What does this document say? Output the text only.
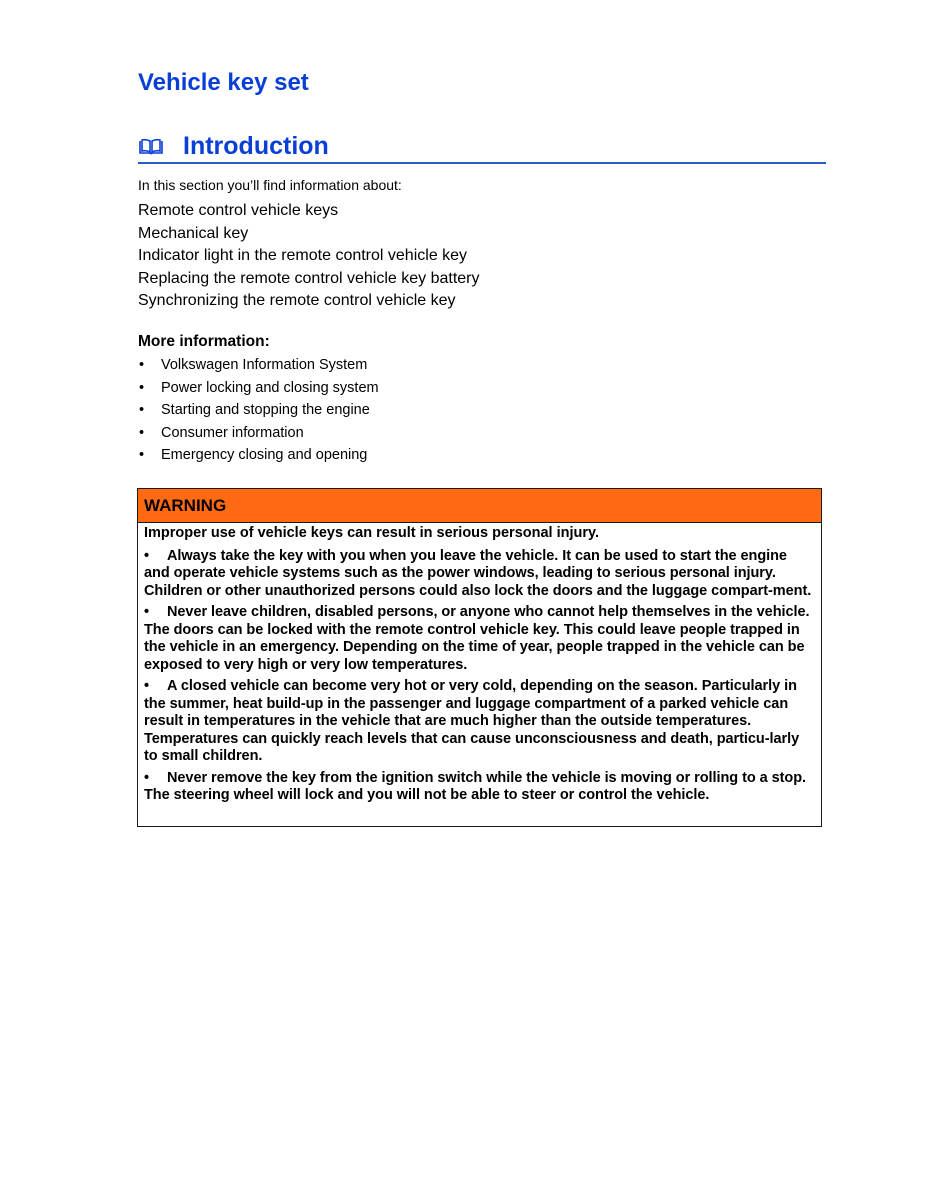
Vehicle key set
Introduction

In this section you’ll find information about:

Remote control vehicle keys
Mechanical key
Indicator light in the remote control vehicle key
Replacing the remote control vehicle key battery
Synchronizing the remote control vehicle key
More information:
• Volkswagen Information System
• Power locking and closing system
• Starting and stopping the engine
• Consumer information
• Emergency closing and opening
WARNING

Improper use of vehicle keys can result in serious personal injury.

• Always take the key with you when you leave the vehicle. It can be used to start the engine and operate vehicle systems such as the power windows, leading to serious personal injury. Children or other unauthorized persons could also lock the doors and the luggage compart-ment.

• Never leave children, disabled persons, or anyone who cannot help themselves in the vehicle. The doors can be locked with the remote control vehicle key. This could leave people trapped in the vehicle in an emergency. Depending on the time of year, people trapped in the vehicle can be exposed to very high or very low temperatures.

• A closed vehicle can become very hot or very cold, depending on the season. Particularly in the summer, heat build-up in the passenger and luggage compartment of a parked vehicle can result in temperatures in the vehicle that are much higher than the outside temperatures. Temperatures can quickly reach levels that can cause unconsciousness and death, particu-larly to small children.

• Never remove the key from the ignition switch while the vehicle is moving or rolling to a stop. The steering wheel will lock and you will not be able to steer or control the vehicle.
